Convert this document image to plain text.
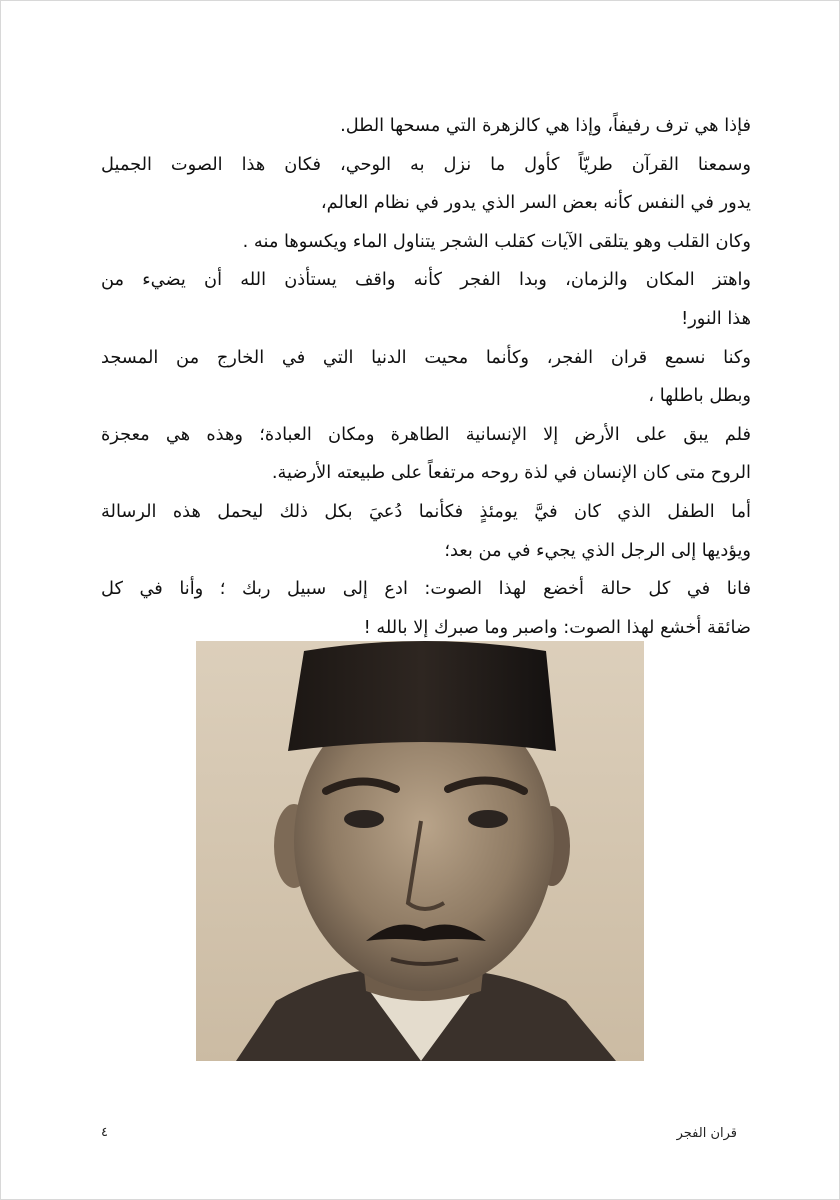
فإذا هي ترف رفيفاً، وإذا هي كالزهرة التي مسحها الطل.
وسمعنا القرآن طريّاً كأول ما نزل به الوحي، فكان هذا الصوت الجميل
يدور في النفس كأنه بعض السر الذي يدور في نظام العالم،
وكان القلب وهو يتلقى الآيات كقلب الشجر يتناول الماء ويكسوها منه .
واهتز المكان والزمان، وبدا الفجر كأنه واقف يستأذن الله أن يضيء من
هذا النور!
وكنا نسمع قران الفجر، وكأنما محيت الدنيا التي في الخارج من المسجد
وبطل باطلها ،
فلم يبق على الأرض إلا الإنسانية الطاهرة ومكان العبادة؛ وهذه هي معجزة
الروح متى كان الإنسان في لذة روحه مرتفعاً على طبيعته الأرضية.
أما الطفل الذي كان فيَّ يومئذٍ فكأنما دُعيَ بكل ذلك ليحمل هذه الرسالة
ويؤديها إلى الرجل الذي يجيء في من بعد؛
فانا في كل حالة أخضع لهذا الصوت: ادع إلى سبيل ربك ؛ وأنا في كل
ضائقة أخشع لهذا الصوت: واصبر وما صبرك إلا بالله !
قران الفجر
٤
